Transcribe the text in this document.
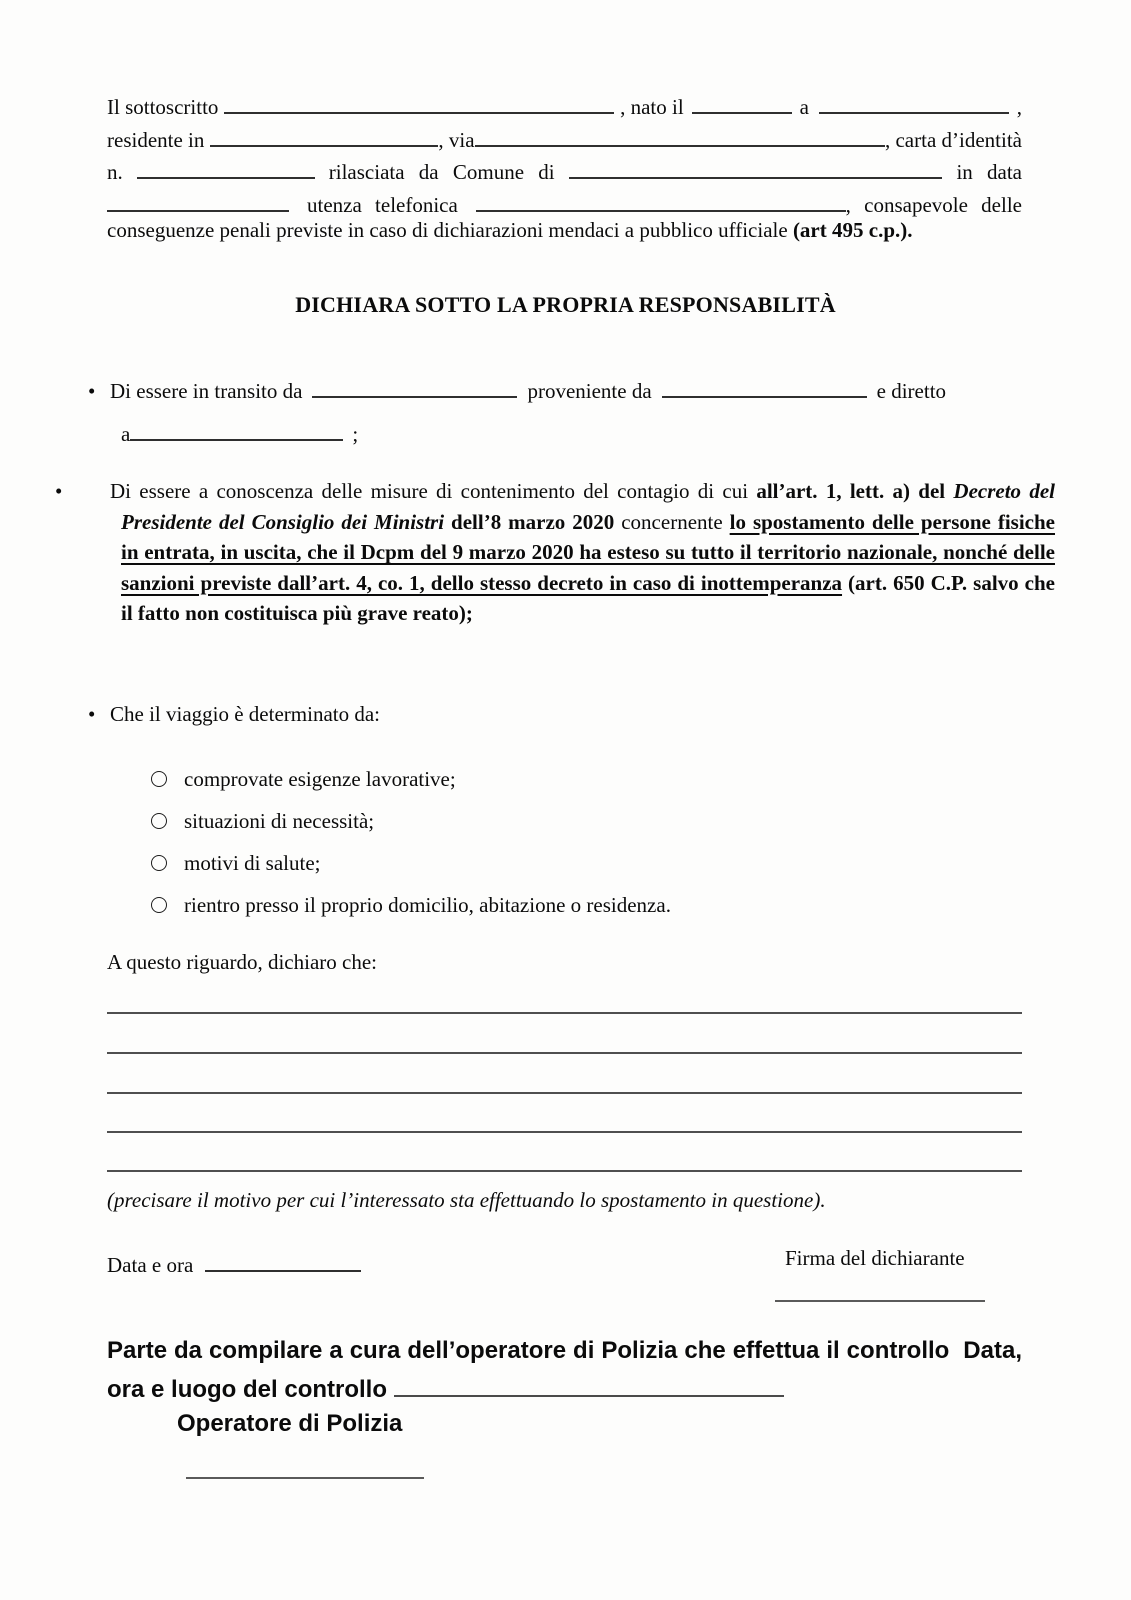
Il sottoscritto	, nato il	a	,
residente in	, via	, carta d’identità
n.	rilasciata da Comune di	in data
utenza telefonica	, consapevole delle
conseguenze penali previste in caso di dichiarazioni mendaci a pubblico ufficiale (art 495 c.p.).
DICHIARA SOTTO LA PROPRIA RESPONSABILITÀ
• Di essere in transito da	proveniente da	e diretto
a	;
• Di essere a conoscenza delle misure di contenimento del contagio di cui all’art. 1, lett. a) del Decreto del Presidente del Consiglio dei Ministri dell’8 marzo 2020 concernente lo spostamento delle persone fisiche in entrata, in uscita, che il Dcpm del 9 marzo 2020 ha esteso su tutto il territorio nazionale, nonché delle sanzioni previste dall’art. 4, co. 1, dello stesso decreto in caso di inottemperanza (art. 650 C.P. salvo che il fatto non costituisca più grave reato);
• Che il viaggio è determinato da:
comprovate esigenze lavorative;
situazioni di necessità;
motivi di salute;
rientro presso il proprio domicilio, abitazione o residenza.
A questo riguardo, dichiaro che:
(precisare il motivo per cui l’interessato sta effettuando lo spostamento in questione).
Data e ora	Firma del dichiarante
Parte da compilare a cura dell’operatore di Polizia che effettua il controllo  Data, ora e luogo del controllo
Operatore di Polizia
